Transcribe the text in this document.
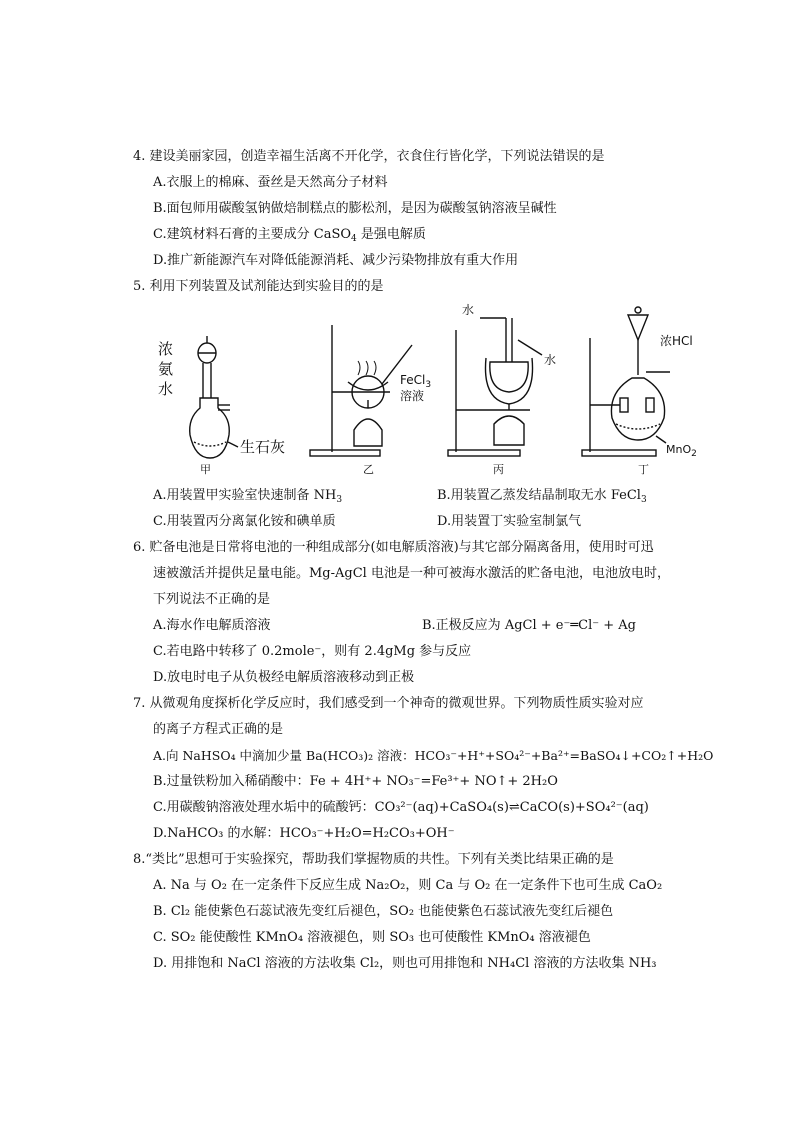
4. 建设美丽家园，创造幸福生活离不开化学，衣食住行皆化学，下列说法错误的是
A.衣服上的棉麻、蚕丝是天然高分子材料
B.面包师用碳酸氢钠做焙制糕点的膨松剂，是因为碳酸氢钠溶液呈碱性
C.建筑材料石膏的主要成分 CaSO$_4$ 是强电解质
D.推广新能源汽车对降低能源消耗、减少污染物排放有重大作用
5. 利用下列装置及试剂能达到实验目的的是
浓
氨
水
生石灰
甲
FeCl$_3$
溶液
乙
水
水
丙
浓HCl
MnO$_2$
丁
A.用装置甲实验室快速制备 $NH_3$	B.用装置乙蒸发结晶制取无水 FeCl$_3$
C.用装置丙分离氯化铵和碘单质	D.用装置丁实验室制氯气
6. 贮备电池是日常将电池的一种组成部分(如电解质溶液)与其它部分隔离备用，使用时可迅
速被激活并提供足量电能。Mg-AgCl 电池是一种可被海水激活的贮备电池，电池放电时，
下列说法不正确的是
A.海水作电解质溶液	B.正极反应为 AgCl + e⁻═Cl⁻ + Ag
C.若电路中转移了 0.2mole⁻，则有 2.4gMg 参与反应
D.放电时电子从负极经电解质溶液移动到正极
7. 从微观角度探析化学反应时，我们感受到一个神奇的微观世界。下列物质性质实验对应
的离子方程式正确的是
A.向 NaHSO₄ 中滴加少量 Ba(HCO₃)₂ 溶液：HCO₃⁻+H⁺+SO₄²⁻+Ba²⁺=BaSO₄↓+CO₂↑+H₂O
B.过量铁粉加入稀硝酸中：Fe + 4H⁺+ NO₃⁻=Fe³⁺+ NO↑+ 2H₂O
C.用碳酸钠溶液处理水垢中的硫酸钙：CO₃²⁻(aq)+CaSO₄(s)⇌CaCO(s)+SO₄²⁻(aq)
D.NaHCO₃ 的水解：HCO₃⁻+H₂O=H₂CO₃+OH⁻
8.“类比”思想可于实验探究，帮助我们掌握物质的共性。下列有关类比结果正确的是
A. Na 与 O₂ 在一定条件下反应生成 Na₂O₂，则 Ca 与 O₂ 在一定条件下也可生成 CaO₂
B. Cl₂ 能使紫色石蕊试液先变红后褪色，SO₂ 也能使紫色石蕊试液先变红后褪色
C. SO₂ 能使酸性 KMnO₄ 溶液褪色，则 SO₃ 也可使酸性 KMnO₄ 溶液褪色
D. 用排饱和 NaCl 溶液的方法收集 Cl₂，则也可用排饱和 NH₄Cl 溶液的方法收集 NH₃
